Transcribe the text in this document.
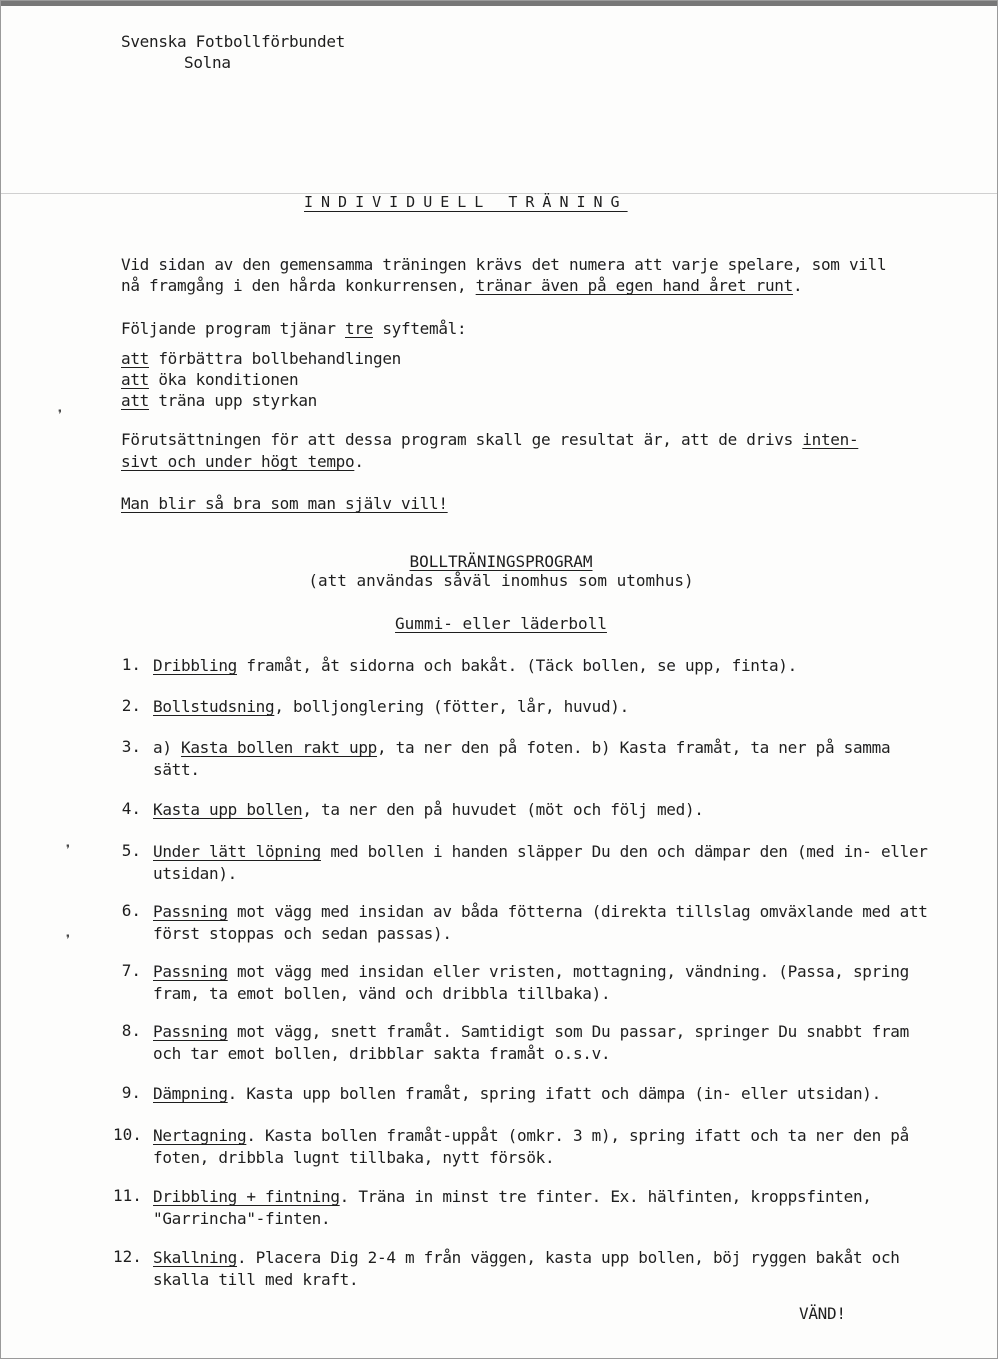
❜
❜
❜
Svenska Fotbollförbundet
Solna
INDIVIDUELL TRÄNING
Vid sidan av den gemensamma träningen krävs det numera att varje spelare, som vill
nå framgång i den hårda konkurrensen, tränar även på egen hand året runt.
Följande program tjänar tre syftemål:
att förbättra bollbehandlingen
att öka konditionen
att träna upp styrkan
Förutsättningen för att dessa program skall ge resultat är, att de drivs inten-
sivt och under högt tempo.
Man blir så bra som man själv vill!
BOLLTRÄNINGSPROGRAM
(att användas såväl inomhus som utomhus)
Gummi- eller läderboll
1. Dribbling framåt, åt sidorna och bakåt. (Täck bollen, se upp, finta).
2. Bollstudsning, bolljonglering (fötter, lår, huvud).
3. a) Kasta bollen rakt upp, ta ner den på foten. b) Kasta framåt, ta ner på samma sätt.
4. Kasta upp bollen, ta ner den på huvudet (möt och följ med).
5. Under lätt löpning med bollen i handen släpper Du den och dämpar den (med in- eller utsidan).
6. Passning mot vägg med insidan av båda fötterna (direkta tillslag omväxlande med att först stoppas och sedan passas).
7. Passning mot vägg med insidan eller vristen, mottagning, vändning. (Passa, spring fram, ta emot bollen, vänd och dribbla tillbaka).
8. Passning mot vägg, snett framåt. Samtidigt som Du passar, springer Du snabbt fram och tar emot bollen, dribblar sakta framåt o.s.v.
9. Dämpning. Kasta upp bollen framåt, spring ifatt och dämpa (in- eller utsidan).
10. Nertagning. Kasta bollen framåt-uppåt (omkr. 3 m), spring ifatt och ta ner den på foten, dribbla lugnt tillbaka, nytt försök.
11. Dribbling + fintning. Träna in minst tre finter. Ex. hälfinten, kroppsfinten, "Garrincha"-finten.
12. Skallning. Placera Dig 2-4 m från väggen, kasta upp bollen, böj ryggen bakåt och skalla till med kraft.
VÄND!
